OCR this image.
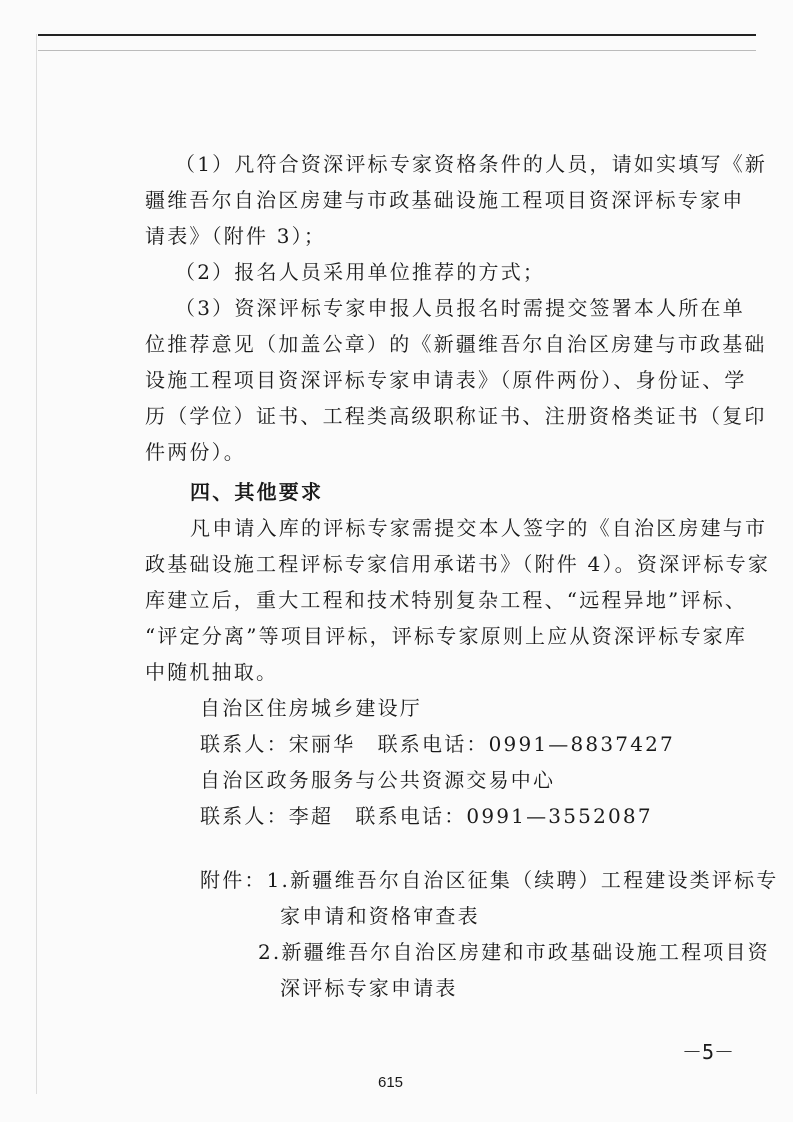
（1）凡符合资深评标专家资格条件的人员，请如实填写《新
疆维吾尔自治区房建与市政基础设施工程项目资深评标专家申
请表》（附件 3）；
（2）报名人员采用单位推荐的方式；
（3）资深评标专家申报人员报名时需提交签署本人所在单
位推荐意见（加盖公章）的《新疆维吾尔自治区房建与市政基础
设施工程项目资深评标专家申请表》（原件两份）、身份证、学
历（学位）证书、工程类高级职称证书、注册资格类证书（复印
件两份）。
四、其他要求
凡申请入库的评标专家需提交本人签字的《自治区房建与市
政基础设施工程评标专家信用承诺书》（附件 4）。资深评标专家
库建立后，重大工程和技术特别复杂工程、“远程异地”评标、
“评定分离”等项目评标，评标专家原则上应从资深评标专家库
中随机抽取。
自治区住房城乡建设厅
联系人：宋丽华　联系电话：0991—8837427
自治区政务服务与公共资源交易中心
联系人：李超　联系电话：0991—3552087
附件：1.新疆维吾尔自治区征集（续聘）工程建设类评标专
家申请和资格审查表
2.新疆维吾尔自治区房建和市政基础设施工程项目资
深评标专家申请表
－5－
615
